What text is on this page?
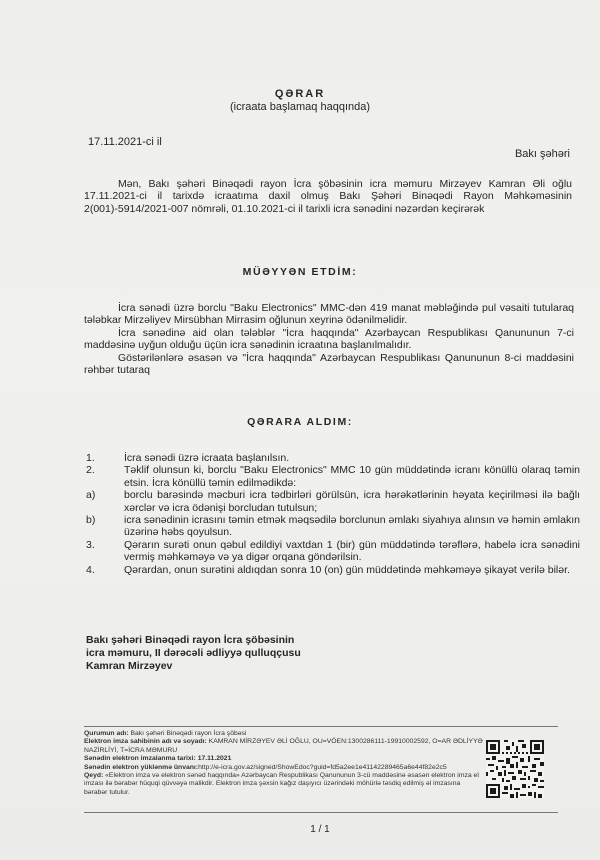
QƏRAR
(icraata başlamaq haqqında)
17.11.2021-ci il
Bakı şəhəri
Mən, Bakı şəhəri Binəqədi rayon İcra şöbəsinin icra məmuru Mirzəyev Kamran Əli oğlu 17.11.2021-ci il tarixdə icraatıma daxil olmuş Bakı Şəhəri Binəqədi Rayon Məhkəməsinin 2(001)-5914/2021-007 nömrəli, 01.10.2021-ci il tarixli icra sənədini nəzərdən keçirərək
MÜƏYYƏN ETDİM:
İcra sənədi üzrə borclu "Baku Electronics" MMC-dən 419 manat məbləğində pul vəsaiti tutularaq tələbkar Mirzəliyev Mirsübhan Mirrasim oğlunun xeyrinə ödənilməlidir.
İcra sənədinə aid olan tələblər "İcra haqqında" Azərbaycan Respublikası Qanununun 7-ci maddəsinə uyğun olduğu üçün icra sənədinin icraatına başlanılmalıdır.
Göstərilənlərə əsasən və "İcra haqqında" Azərbaycan Respublikası Qanununun 8-ci maddəsini rəhbər tutaraq
QƏRARA ALDIM:
1.	İcra sənədi üzrə icraata başlanılsın.
2.	Təklif olunsun ki, borclu "Baku Electronics" MMC 10 gün müddətində icranı könüllü olaraq təmin etsin. İcra könüllü təmin edilmədikdə:
a)	borclu barəsində məcburi icra tədbirləri görülsün, icra hərəkətlərinin həyata keçirilməsi ilə bağlı xərclər və icra ödənişi borcludan tutulsun;
b)	icra sənədinin icrasını təmin etmək məqsədilə borclunun əmlakı siyahıya alınsın və həmin əmlakın üzərinə həbs qoyulsun.
3.	Qərarın surəti onun qəbul edildiyi vaxtdan 1 (bir) gün müddətində tərəflərə, habelə icra sənədini vermiş məhkəməyə və ya digər orqana göndərilsin.
4.	Qərardan, onun surətini aldıqdan sonra 10 (on) gün müddətində məhkəməyə şikayət verilə bilər.
Bakı şəhəri Binəqədi rayon İcra şöbəsinin
icra məmuru, II dərəcəli ədliyyə qulluqçusu
Kamran Mirzəyev
Qurumun adı: Bakı şəhəri Binəqədi rayon İcra şöbəsi
Elektron imza sahibinin adı və soyadı: KAMRAN MİRZƏYEV ƏLİ OĞLU, OU=VÖEN:1300286111-19910002592, O=AR ƏDLİYYƏ NAZİRLİYİ, T=İCRA MƏMURU
Sənədin elektron imzalanma tarixi: 17.11.2021
Sənədin elektron yüklənmə ünvanı:http://e-icra.gov.az/signed/ShowEdoc?guid=fd5a2ee1e41142289465a6e44f82e2c5
Qeyd: «Elektron imza və elektron sənəd haqqında» Azərbaycan Respublikası Qanununun 3-cü maddəsinə əsasən elektron imza el imzası ilə bərabər hüquqi qüvvəyə malikdir. Elektron imza şəxsin kağız daşıyıcı üzərindəki möhürlə təsdiq edilmiş əl imzasına bərabər tutulur.
1 / 1
